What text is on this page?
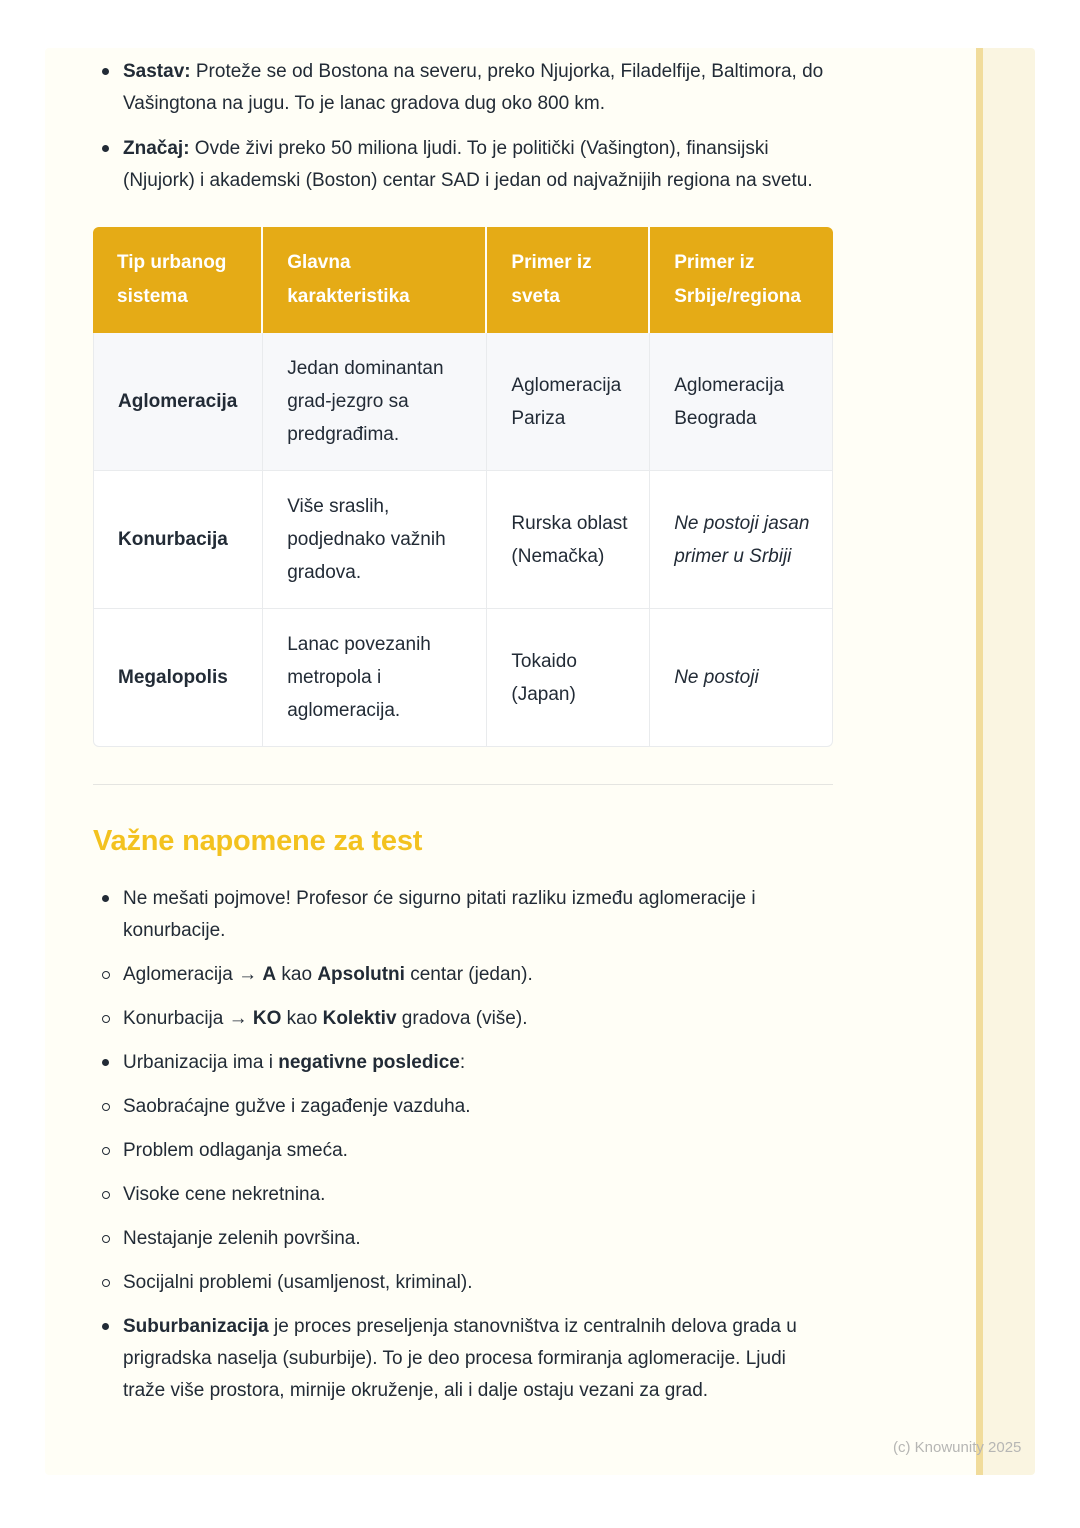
Sastav: Proteže se od Bostona na severu, preko Njujorka, Filadelfije, Baltimora, do Vašingtona na jugu. To je lanac gradova dug oko 800 km.
Značaj: Ovde živi preko 50 miliona ljudi. To je politički (Vašington), finansijski (Njujork) i akademski (Boston) centar SAD i jedan od najvažnijih regiona na svetu.
Tip urbanog sistema	Glavna karakteristika	Primer iz sveta	Primer iz Srbije/regiona
Aglomeracija	Jedan dominantan grad-jezgro sa predgrađima.	Aglomeracija Pariza	Aglomeracija Beograda
Konurbacija	Više sraslih, podjednako važnih gradova.	Rurska oblast (Nemačka)	Ne postoji jasan primer u Srbiji
Megalopolis	Lanac povezanih metropola i aglomeracija.	Tokaido (Japan)	Ne postoji
Važne napomene za test
Ne mešati pojmove! Profesor će sigurno pitati razliku između aglomeracije i konurbacije.
Aglomeracija → A kao Apsolutni centar (jedan).
Konurbacija → KO kao Kolektiv gradova (više).
Urbanizacija ima i negativne posledice:
Saobraćajne gužve i zagađenje vazduha.
Problem odlaganja smeća.
Visoke cene nekretnina.
Nestajanje zelenih površina.
Socijalni problemi (usamljenost, kriminal).
Suburbanizacija je proces preseljenja stanovništva iz centralnih delova grada u prigradska naselja (suburbije). To je deo procesa formiranja aglomeracije. Ljudi traže više prostora, mirnije okruženje, ali i dalje ostaju vezani za grad.
(c) Knowunity 2025
